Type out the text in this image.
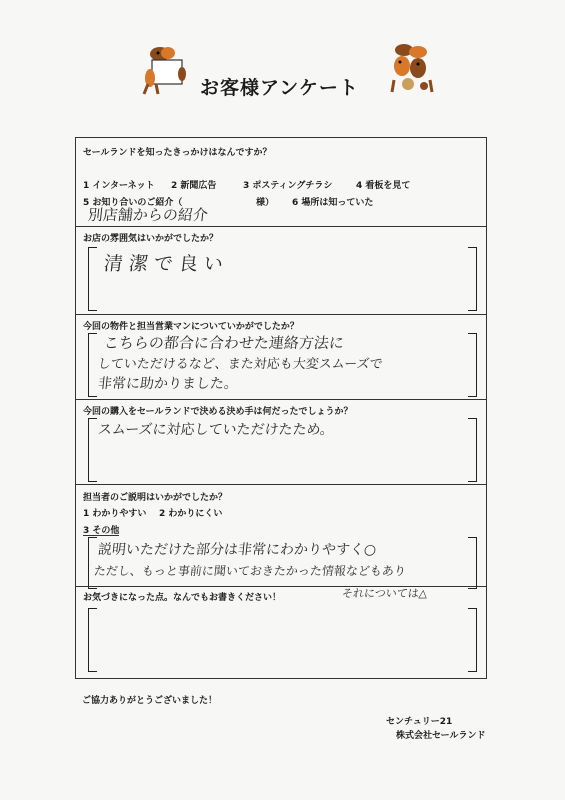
お客様アンケート
セールランドを知ったきっかけはなんですか？
1 インターネット 2 新聞広告	3 ポスティングチラシ	4 看板を見て
5 お知り合いのご紹介（	様） 6 場所は知っていた
別店舗からの紹介
お店の雰囲気はいかがでしたか？
清潔で良い
今回の物件と担当営業マンについていかがでしたか？
こちらの都合に合わせた連絡方法に
していただけるなど、また対応も大変スムーズで
非常に助かりました。
今回の購入をセールランドで決める決め手は何だったでしょうか？
スムーズに対応していただけたため。
担当者のご説明はいかがでしたか？
1 わかりやすい 2 わかりにくい
3 その他
説明いただけた部分は非常にわかりやすく○
ただし、もっと事前に聞いておきたかった情報などもあり
それについては△
お気づきになった点。なんでもお書きください！
ご協力ありがとうございました！
センチュリー21
株式会社セールランド
